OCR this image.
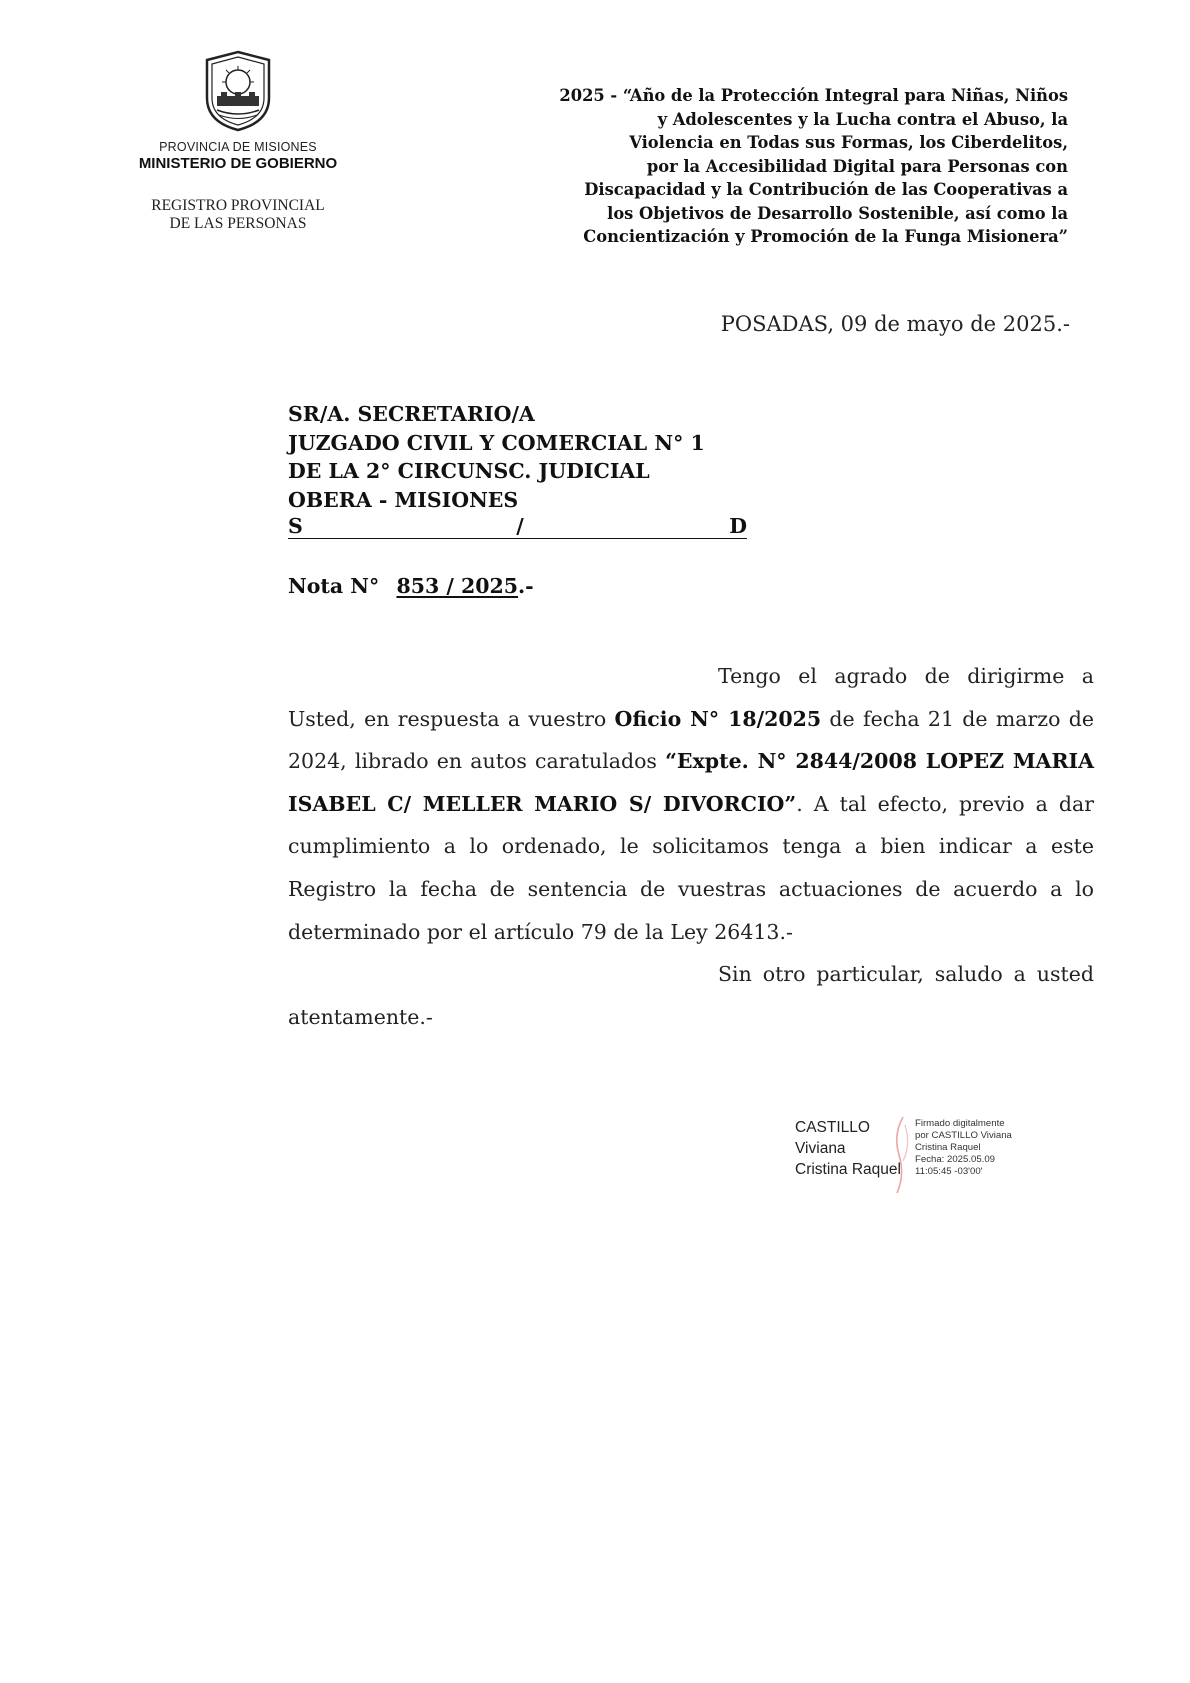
PROVINCIA DE MISIONES
MINISTERIO DE GOBIERNO
REGISTRO PROVINCIAL
DE LAS PERSONAS
2025 - “Año de la Protección Integral para Niñas, Niños
y Adolescentes y la Lucha contra el Abuso, la
Violencia en Todas sus Formas, los Ciberdelitos,
por la Accesibilidad Digital para Personas con
Discapacidad y la Contribución de las Cooperativas a
los Objetivos de Desarrollo Sostenible, así como la
Concientización y Promoción de la Funga Misionera”
POSADAS, 09 de mayo de 2025.-
SR/A. SECRETARIO/A
JUZGADO CIVIL Y COMERCIAL N° 1
DE LA 2° CIRCUNSC. JUDICIAL
OBERA - MISIONES
S	/	D
Nota N° 853 / 2025.-

Tengo el agrado de dirigirme a Usted, en respuesta a vuestro Oficio N° 18/2025 de fecha 21 de marzo de 2024, librado en autos caratulados “Expte. N° 2844/2008 LOPEZ MARIA ISABEL C/ MELLER MARIO S/ DIVORCIO”. A tal efecto, previo a dar cumplimiento a lo ordenado, le solicitamos tenga a bien indicar a este Registro la fecha de sentencia de vuestras actuaciones de acuerdo a lo determinado por el artículo 79 de la Ley 26413.-

Sin otro particular, saludo a usted atentamente.-

CASTILLO
Viviana
Cristina Raquel
Firmado digitalmente
por CASTILLO Viviana
Cristina Raquel
Fecha: 2025.05.09
11:05:45 -03'00'
